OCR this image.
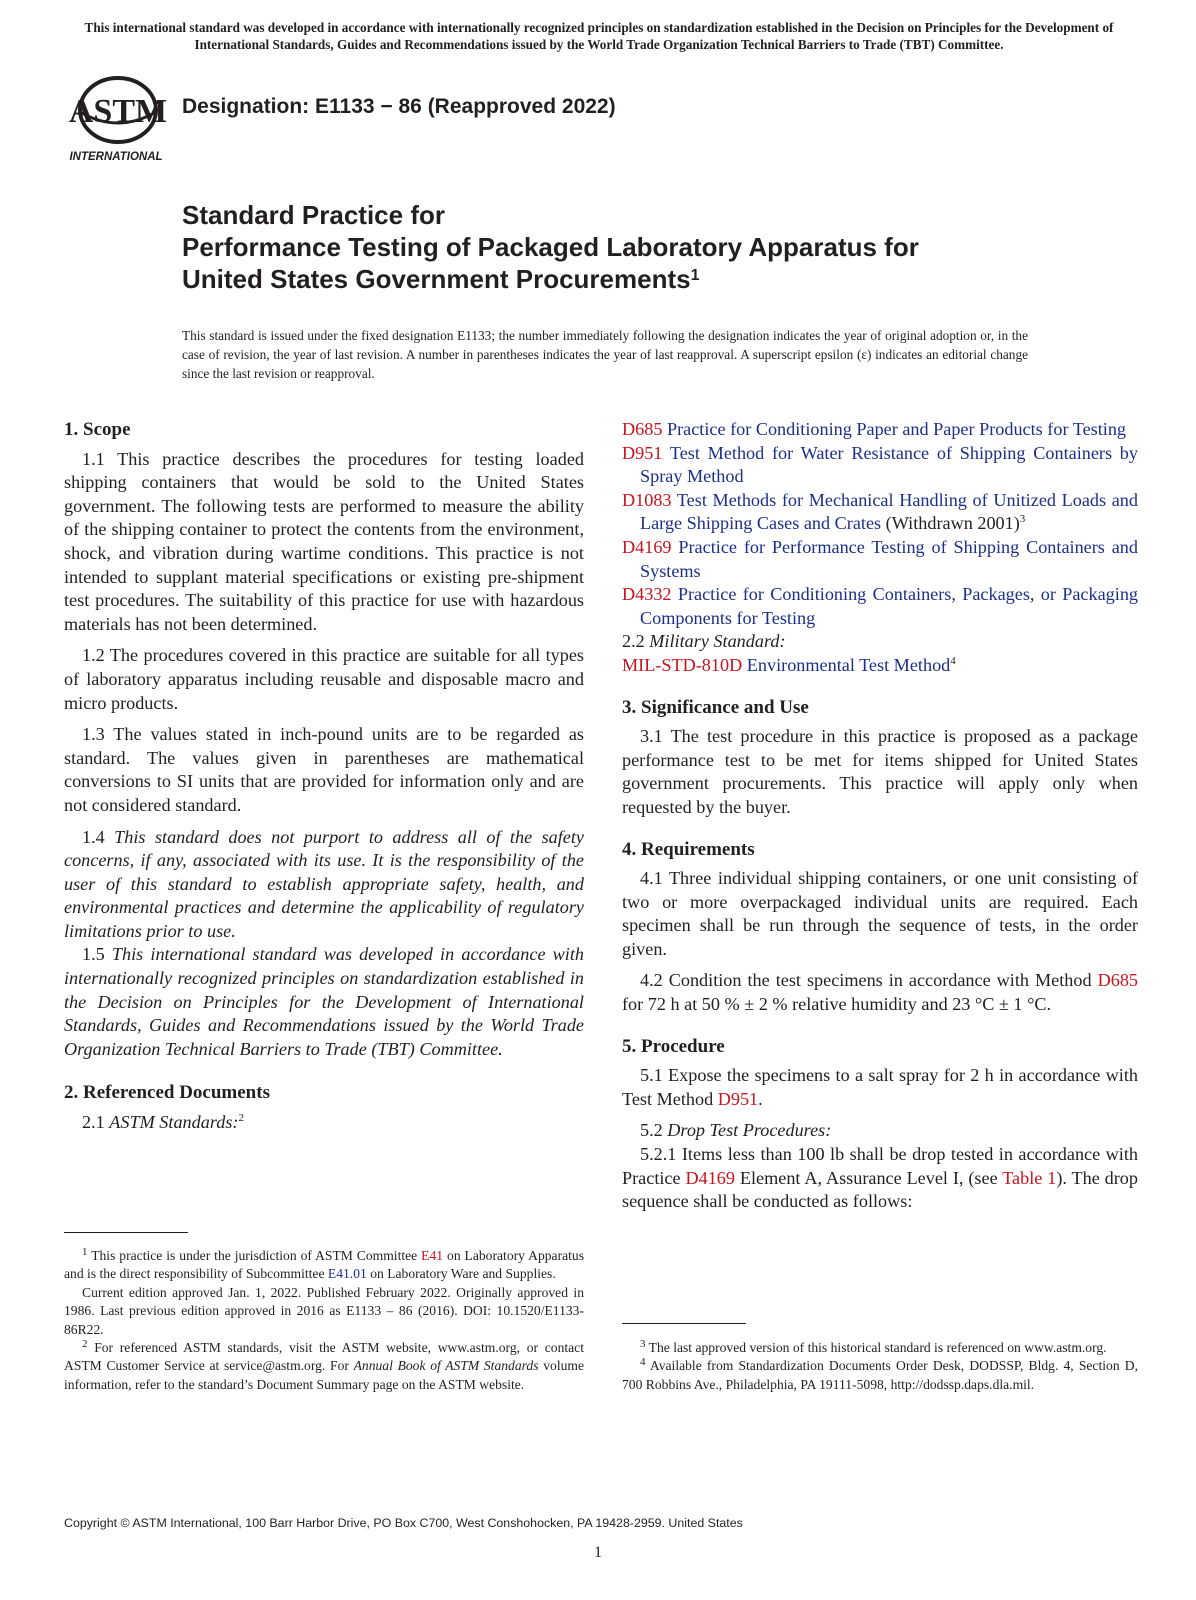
This international standard was developed in accordance with internationally recognized principles on standardization established in the Decision on Principles for the Development of International Standards, Guides and Recommendations issued by the World Trade Organization Technical Barriers to Trade (TBT) Committee.
ASTM
INTERNATIONAL
Designation: E1133 − 86 (Reapproved 2022)
Standard Practice for
Performance Testing of Packaged Laboratory Apparatus for
United States Government Procurements$^1$
This standard is issued under the fixed designation E1133; the number immediately following the designation indicates the year of original adoption or, in the case of revision, the year of last revision. A number in parentheses indicates the year of last reapproval. A superscript epsilon (ε) indicates an editorial change since the last revision or reapproval.

1. Scope

1.1 This practice describes the procedures for testing loaded shipping containers that would be sold to the United States government. The following tests are performed to measure the ability of the shipping container to protect the contents from the environment, shock, and vibration during wartime conditions. This practice is not intended to supplant material specifications or existing pre-shipment test procedures. The suitability of this practice for use with hazardous materials has not been determined.

1.2 The procedures covered in this practice are suitable for all types of laboratory apparatus including reusable and disposable macro and micro products.

1.3 The values stated in inch-pound units are to be regarded as standard. The values given in parentheses are mathematical conversions to SI units that are provided for information only and are not considered standard.

1.4 This standard does not purport to address all of the safety concerns, if any, associated with its use. It is the responsibility of the user of this standard to establish appropriate safety, health, and environmental practices and determine the applicability of regulatory limitations prior to use.

1.5 This international standard was developed in accordance with internationally recognized principles on standardization established in the Decision on Principles for the Development of International Standards, Guides and Recommendations issued by the World Trade Organization Technical Barriers to Trade (TBT) Committee.

2. Referenced Documents

2.1 ASTM Standards:$^2$

D685 Practice for Conditioning Paper and Paper Products for Testing

D951 Test Method for Water Resistance of Shipping Containers by Spray Method

D1083 Test Methods for Mechanical Handling of Unitized Loads and Large Shipping Cases and Crates (Withdrawn 2001)$^3$

D4169 Practice for Performance Testing of Shipping Containers and Systems

D4332 Practice for Conditioning Containers, Packages, or Packaging Components for Testing

2.2 Military Standard:

MIL-STD-810D Environmental Test Method$^4$

3. Significance and Use

3.1 The test procedure in this practice is proposed as a package performance test to be met for items shipped for United States government procurements. This practice will apply only when requested by the buyer.

4. Requirements

4.1 Three individual shipping containers, or one unit consisting of two or more overpackaged individual units are required. Each specimen shall be run through the sequence of tests, in the order given.

4.2 Condition the test specimens in accordance with Method D685 for 72 h at 50 % ± 2 % relative humidity and 23 °C ± 1 °C.

5. Procedure

5.1 Expose the specimens to a salt spray for 2 h in accordance with Test Method D951.

5.2 Drop Test Procedures:

5.2.1 Items less than 100 lb shall be drop tested in accordance with Practice D4169 Element A, Assurance Level I, (see Table 1). The drop sequence shall be conducted as follows:

$^1$ This practice is under the jurisdiction of ASTM Committee E41 on Laboratory Apparatus and is the direct responsibility of Subcommittee E41.01 on Laboratory Ware and Supplies.

Current edition approved Jan. 1, 2022. Published February 2022. Originally approved in 1986. Last previous edition approved in 2016 as E1133 – 86 (2016). DOI: 10.1520/E1133-86R22.

$^2$ For referenced ASTM standards, visit the ASTM website, www.astm.org, or contact ASTM Customer Service at service@astm.org. For Annual Book of ASTM Standards volume information, refer to the standard’s Document Summary page on the ASTM website.

$^3$ The last approved version of this historical standard is referenced on www.astm.org.

$^4$ Available from Standardization Documents Order Desk, DODSSP, Bldg. 4, Section D, 700 Robbins Ave., Philadelphia, PA 19111-5098, http://dodssp.daps.dla.mil.

Copyright © ASTM International, 100 Barr Harbor Drive, PO Box C700, West Conshohocken, PA 19428-2959. United States
1
